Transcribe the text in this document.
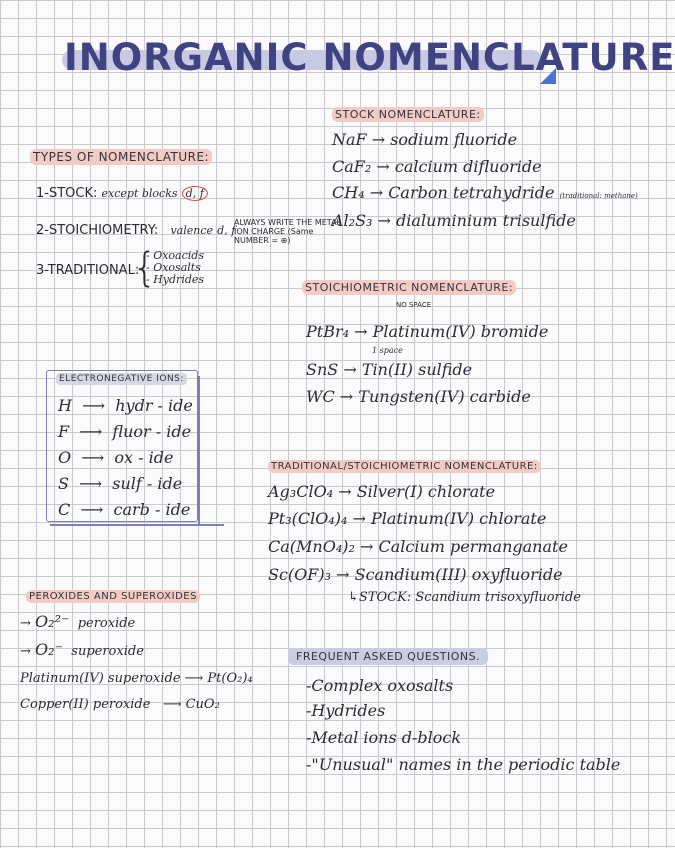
INORGANIC NOMENCLATURE
TYPES OF NOMENCLATURE:
1-STOCK: except blocks d, f
2-STOICHIOMETRY: valence d, f
ALWAYS WRITE THE METAL
ION CHARGE (Same
NUMBER = ⊕)
3-TRADITIONAL:
{
- Oxoacids
- Oxosalts
- Hydrides
STOCK NOMENCLATURE:
NaF → sodium fluoride
CaF₂ → calcium difluoride
CH₄ → Carbon tetrahydride (traditional: methane)
Al₂S₃ → dialuminium trisulfide
STOICHIOMETRIC NOMENCLATURE:
NO SPACE
PtBr₄ → Platinum(IV) bromide
1 space
SnS → Tin(II) sulfide
WC → Tungsten(IV) carbide
ELECTRONEGATIVE IONS:
H  ⟶  hydr - ide
F  ⟶  fluor - ide
O  ⟶  ox - ide
S  ⟶  sulf - ide
C  ⟶  carb - ide
TRADITIONAL/STOICHIOMETRIC NOMENCLATURE:
Ag₃ClO₄ → Silver(I) chlorate
Pt₃(ClO₄)₄ → Platinum(IV) chlorate
Ca(MnO₄)₂ → Calcium permanganate
Sc(OF)₃ → Scandium(III) oxyfluoride
↳STOCK: Scandium trisoxyfluoride
PEROXIDES AND SUPEROXIDES
→ O₂²⁻ peroxide
→ O₂⁻ superoxide
Platinum(IV) superoxide ⟶ Pt(O₂)₄
Copper(II) peroxide   ⟶ CuO₂
FREQUENT ASKED QUESTIONS.
-Complex oxosalts
-Hydrides
-Metal ions d-block
-"Unusual" names in the periodic table
